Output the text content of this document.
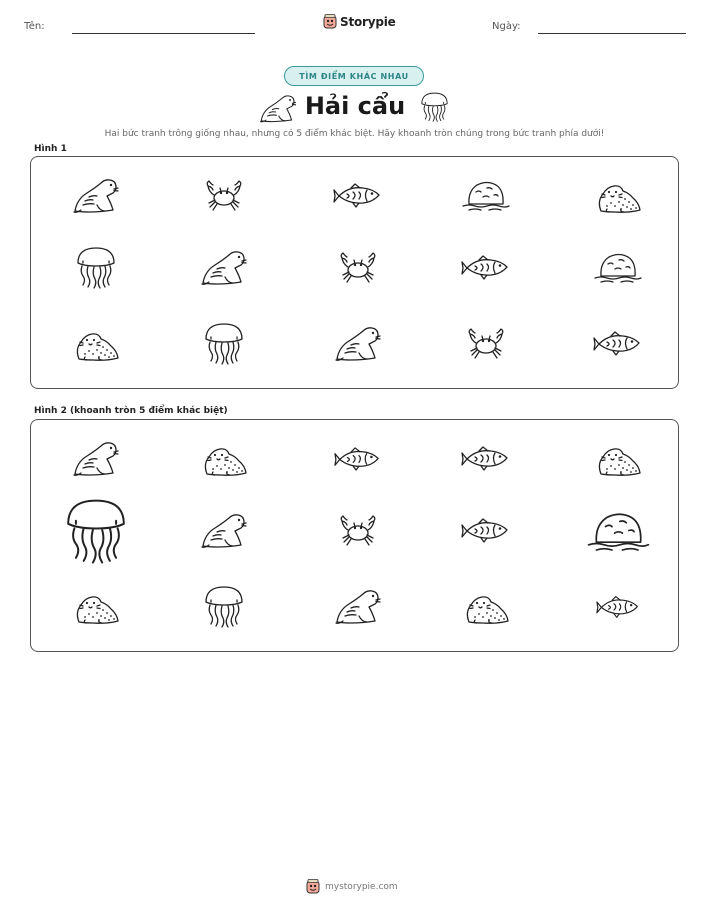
Tên:	Storypie	Ngày:
TÌM ĐIỂM KHÁC NHAU
Hải cẩu
Hai bức tranh trông giống nhau, nhưng có 5 điểm khác biệt. Hãy khoanh tròn chúng trong bức tranh phía dưới!
Hình 1
Hình 2 (khoanh tròn 5 điểm khác biệt)
mystorypie.com
